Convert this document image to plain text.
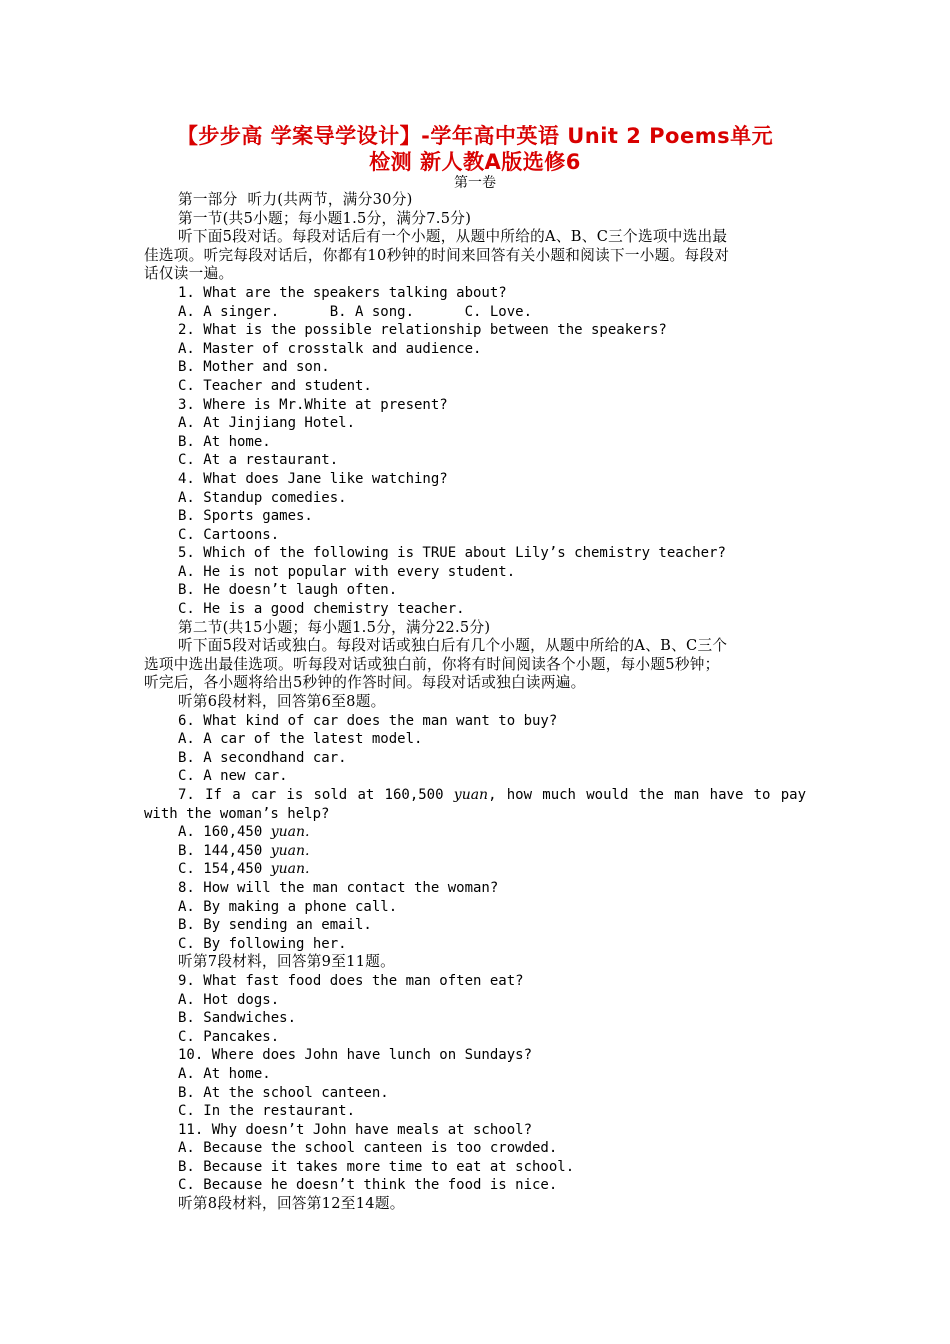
【步步高 学案导学设计】-学年高中英语 Unit 2 Poems单元
检测 新人教A版选修6
第一卷
第一部分  听力(共两节，满分30分)
第一节(共5小题；每小题1.5分，满分7.5分)
听下面5段对话。每段对话后有一个小题，从题中所给的A、B、C三个选项中选出最
佳选项。听完每段对话后，你都有10秒钟的时间来回答有关小题和阅读下一小题。每段对
话仅读一遍。
1. What are the speakers talking about?
A. A singer.      B. A song.      C. Love.
2. What is the possible relationship between the speakers?
A. Master of crosstalk and audience.
B. Mother and son.
C. Teacher and student.
3. Where is Mr.White at present?
A. At Jinjiang Hotel.
B. At home.
C. At a restaurant.
4. What does Jane like watching?
A. Standup comedies.
B. Sports games.
C. Cartoons.
5. Which of the following is TRUE about Lily’s chemistry teacher?
A. He is not popular with every student.
B. He doesn’t laugh often.
C. He is a good chemistry teacher.
第二节(共15小题；每小题1.5分，满分22.5分)
听下面5段对话或独白。每段对话或独白后有几个小题，从题中所给的A、B、C三个
选项中选出最佳选项。听每段对话或独白前，你将有时间阅读各个小题，每小题5秒钟；
听完后，各小题将给出5秒钟的作答时间。每段对话或独白读两遍。
听第6段材料，回答第6至8题。
6. What kind of car does the man want to buy?
A. A car of the latest model.
B. A secondhand car.
C. A new car.
7. If a car is sold at 160,500 yuan, how much would the man have to pay
with the woman’s help?
A. 160,450 yuan.
B. 144,450 yuan.
C. 154,450 yuan.
8. How will the man contact the woman?
A. By making a phone call.
B. By sending an email.
C. By following her.
听第7段材料，回答第9至11题。
9. What fast food does the man often eat?
A. Hot dogs.
B. Sandwiches.
C. Pancakes.
10. Where does John have lunch on Sundays?
A. At home.
B. At the school canteen.
C. In the restaurant.
11. Why doesn’t John have meals at school?
A. Because the school canteen is too crowded.
B. Because it takes more time to eat at school.
C. Because he doesn’t think the food is nice.
听第8段材料，回答第12至14题。
